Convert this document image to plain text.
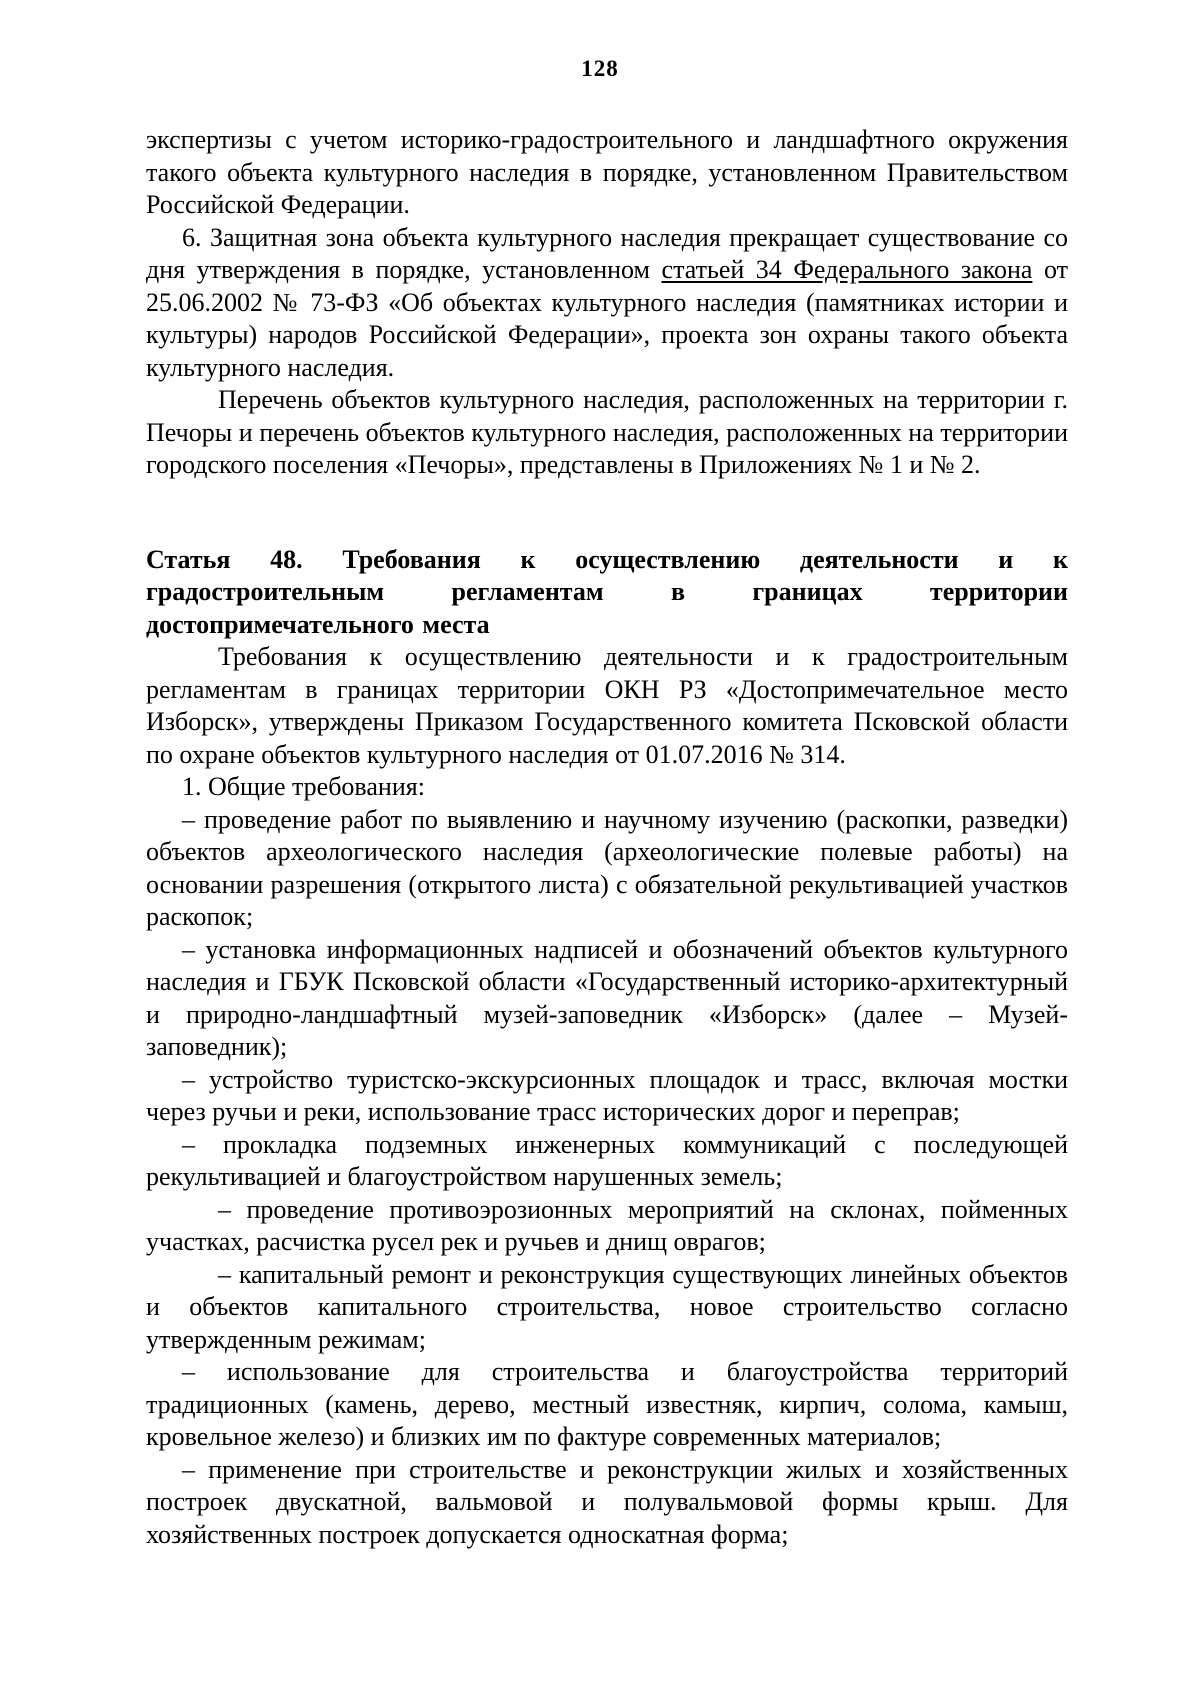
128

экспертизы с учетом историко-градостроительного и ландшафтного окружения такого объекта культурного наследия в порядке, установленном Правительством Российской Федерации.

6. Защитная зона объекта культурного наследия прекращает существование со дня утверждения в порядке, установленном статьей 34 Федерального закона от 25.06.2002 № 73-ФЗ «Об объектах культурного наследия (памятниках истории и культуры) народов Российской Федерации», проекта зон охраны такого объекта культурного наследия.

Перечень объектов культурного наследия, расположенных на территории г. Печоры и перечень объектов культурного наследия, расположенных на территории городского поселения «Печоры», представлены в Приложениях № 1 и № 2.

Статья 48. Требования к осуществлению деятельности и к градостроительным регламентам в границах территории достопримечательного места

Требования к осуществлению деятельности и к градостроительным регламентам в границах территории ОКН РЗ «Достопримечательное место Изборск», утверждены Приказом Государственного комитета Псковской области по охране объектов культурного наследия от 01.07.2016 № 314.

1. Общие требования:

– проведение работ по выявлению и научному изучению (раскопки, разведки) объектов археологического наследия (археологические полевые работы) на основании разрешения (открытого листа) с обязательной рекультивацией участков раскопок;

– установка информационных надписей и обозначений объектов культурного наследия и ГБУК Псковской области «Государственный историко-архитектурный и природно-ландшафтный музей-заповедник «Изборск» (далее – Музей-заповедник);

– устройство туристско-экскурсионных площадок и трасс, включая мостки через ручьи и реки, использование трасс исторических дорог и переправ;

– прокладка подземных инженерных коммуникаций с последующей рекультивацией и благоустройством нарушенных земель;

– проведение противоэрозионных мероприятий на склонах, пойменных участках, расчистка русел рек и ручьев и днищ оврагов;

– капитальный ремонт и реконструкция существующих линейных объектов и объектов капитального строительства, новое строительство согласно утвержденным режимам;

– использование для строительства и благоустройства территорий традиционных (камень, дерево, местный известняк, кирпич, солома, камыш, кровельное железо) и близких им по фактуре современных материалов;

– применение при строительстве и реконструкции жилых и хозяйственных построек двускатной, вальмовой и полувальмовой формы крыш. Для хозяйственных построек допускается односкатная форма;
